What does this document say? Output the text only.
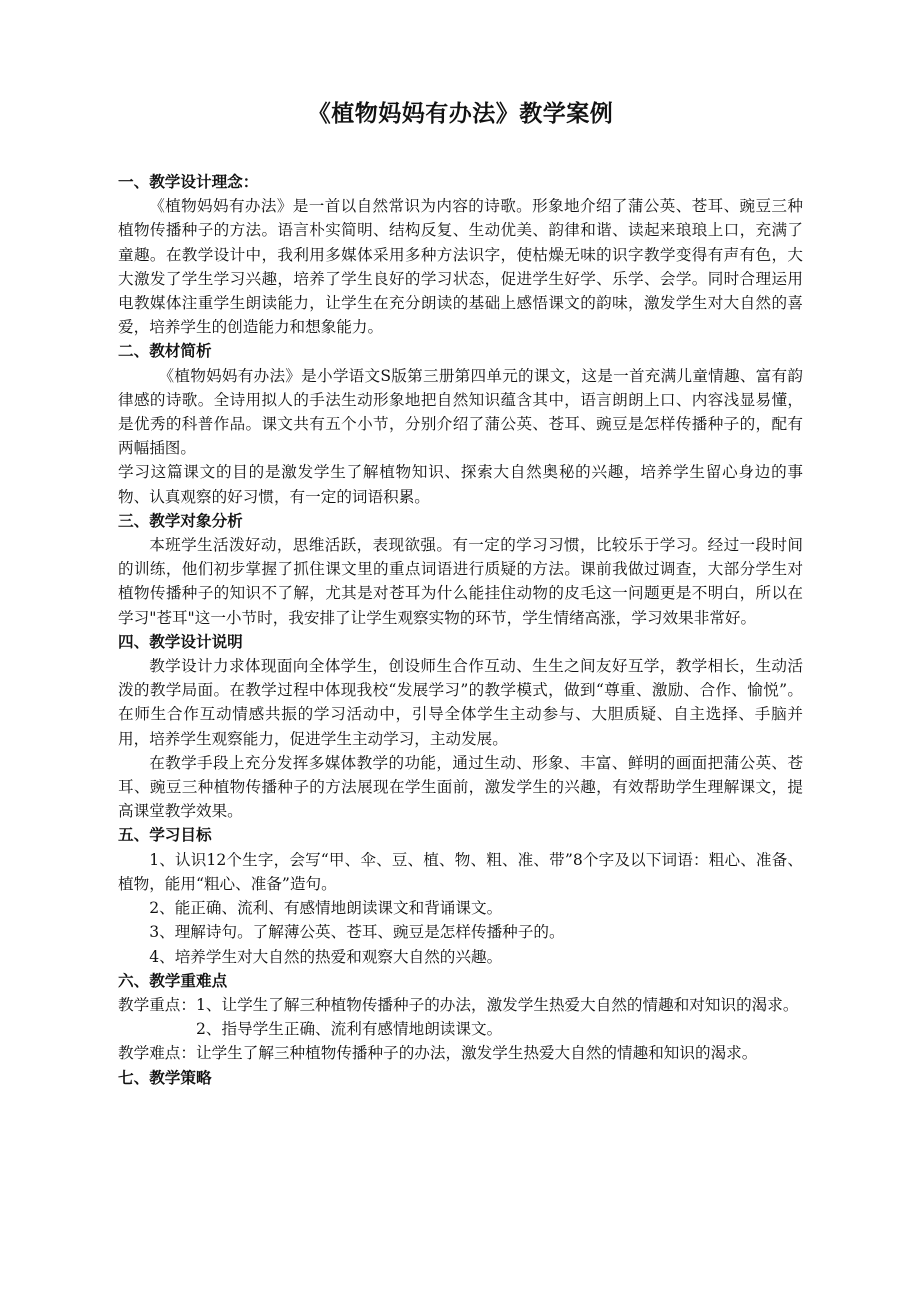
《植物妈妈有办法》教学案例
一、教学设计理念：
《植物妈妈有办法》是一首以自然常识为内容的诗歌。形象地介绍了蒲公英、苍耳、豌豆三种植物传播种子的方法。语言朴实简明、结构反复、生动优美、韵律和谐、读起来琅琅上口，充满了童趣。在教学设计中，我利用多媒体采用多种方法识字，使枯燥无味的识字教学变得有声有色，大大激发了学生学习兴趣，培养了学生良好的学习状态，促进学生好学、乐学、会学。同时合理运用电教媒体注重学生朗读能力，让学生在充分朗读的基础上感悟课文的韵味，激发学生对大自然的喜爱，培养学生的创造能力和想象能力。
二、教材简析
《植物妈妈有办法》是小学语文S版第三册第四单元的课文，这是一首充满儿童情趣、富有韵律感的诗歌。全诗用拟人的手法生动形象地把自然知识蕴含其中，语言朗朗上口、内容浅显易懂，是优秀的科普作品。课文共有五个小节，分别介绍了蒲公英、苍耳、豌豆是怎样传播种子的，配有两幅插图。
学习这篇课文的目的是激发学生了解植物知识、探索大自然奥秘的兴趣，培养学生留心身边的事物、认真观察的好习惯，有一定的词语积累。
三、教学对象分析
本班学生活泼好动，思维活跃，表现欲强。有一定的学习习惯，比较乐于学习。经过一段时间的训练，他们初步掌握了抓住课文里的重点词语进行质疑的方法。课前我做过调查，大部分学生对植物传播种子的知识不了解，尤其是对苍耳为什么能挂住动物的皮毛这一问题更是不明白，所以在学习"苍耳"这一小节时，我安排了让学生观察实物的环节，学生情绪高涨，学习效果非常好。
四、教学设计说明
教学设计力求体现面向全体学生，创设师生合作互动、生生之间友好互学，教学相长，生动活泼的教学局面。在教学过程中体现我校“发展学习”的教学模式，做到“尊重、激励、合作、愉悦”。在师生合作互动情感共振的学习活动中，引导全体学生主动参与、大胆质疑、自主选择、手脑并用，培养学生观察能力，促进学生主动学习，主动发展。
在教学手段上充分发挥多媒体教学的功能，通过生动、形象、丰富、鲜明的画面把蒲公英、苍耳、豌豆三种植物传播种子的方法展现在学生面前，激发学生的兴趣，有效帮助学生理解课文，提高课堂教学效果。
五、学习目标
1、认识12个生字，会写“甲、伞、豆、植、物、粗、准、带”8个字及以下词语：粗心、准备、植物，能用“粗心、准备”造句。
2、能正确、流利、有感情地朗读课文和背诵课文。
3、理解诗句。了解薄公英、苍耳、豌豆是怎样传播种子的。
4、培养学生对大自然的热爱和观察大自然的兴趣。
六、教学重难点
教学重点： 1、让学生了解三种植物传播种子的办法，激发学生热爱大自然的情趣和对知识的渴求。
2、指导学生正确、流利有感情地朗读课文。
教学难点： 让学生了解三种植物传播种子的办法，激发学生热爱大自然的情趣和知识的渴求。
七、教学策略
